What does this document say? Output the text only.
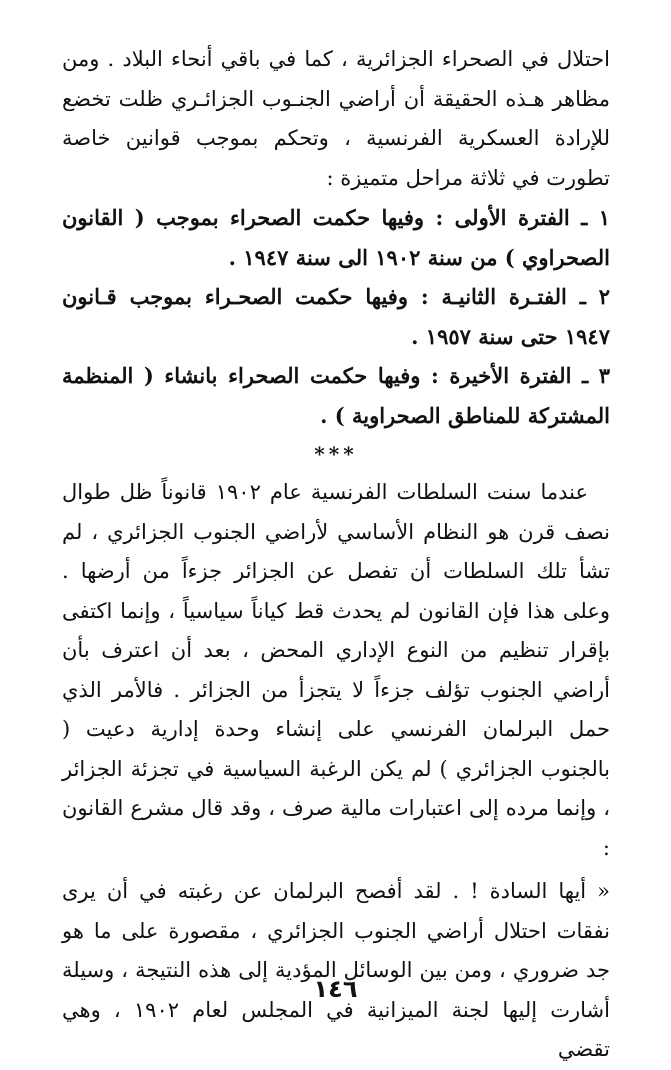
احتلال في الصحراء الجزائرية ، كما في باقي أنحاء البلاد . ومن مظاهر هـذه الحقيقة أن أراضي الجنـوب الجزائـري ظلت تخضع للإرادة العسكرية الفرنسية ، وتحكم بموجب قوانين خاصة تطورت في ثلاثة مراحل متميزة :

١ ـ الفترة الأولى : وفيها حكمت الصحراء بموجب ( القانون الصحراوي ) من سنة ١٩٠٢ الى سنة ١٩٤٧ .

٢ ـ الفتـرة الثانيـة : وفيها حكمت الصحـراء بموجب قـانون ١٩٤٧ حتى سنة ١٩٥٧ .

٣ ـ الفترة الأخيرة : وفيها حكمت الصحراء بانشاء ( المنظمة المشتركة للمناطق الصحراوية ) .

***

عندما سنت السلطات الفرنسية عام ١٩٠٢ قانوناً ظل طوال نصف قرن هو النظام الأساسي لأراضي الجنوب الجزائري ، لم تشأ تلك السلطات أن تفصل عن الجزائر جزءاً من أرضها . وعلى هذا فإن القانون لم يحدث قط كياناً سياسياً ، وإنما اكتفى بإقرار تنظيم من النوع الإداري المحض ، بعد أن اعترف بأن أراضي الجنوب تؤلف جزءاً لا يتجزأ من الجزائر . فالأمر الذي حمل البرلمان الفرنسي على إنشاء وحدة إدارية دعيت ( بالجنوب الجزائري ) لم يكن الرغبة السياسية في تجزئة الجزائر ، وإنما مرده إلى اعتبارات مالية صرف ، وقد قال مشرع القانون :

« أيها السادة ! . لقد أفصح البرلمان عن رغبته في أن يرى نفقات احتلال أراضي الجنوب الجزائري ، مقصورة على ما هو جد ضروري ، ومن بين الوسائل المؤدية إلى هذه النتيجة ، وسيلة أشارت إليها لجنة الميزانية في المجلس لعام ١٩٠٢ ، وهي تقضي

١٤٦
